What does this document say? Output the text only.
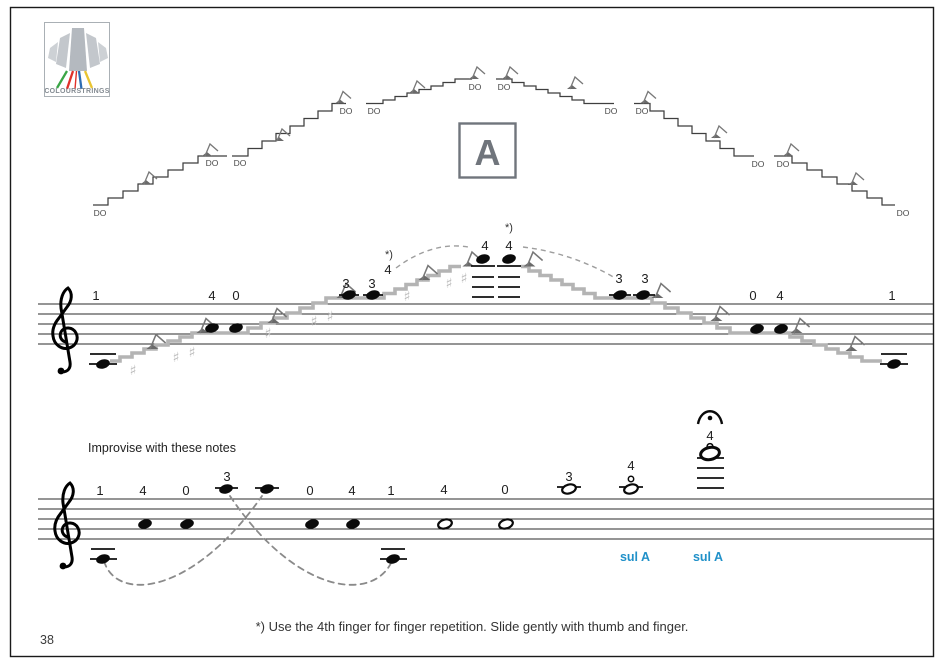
COLOURSTRINGS
DO
DO DO
DO DO
DO DO
DO DO
DO DO
DO
A
*)
4
*)
♯
♯ ♯
♯
♯ ♯
♯
♯ ♯
1	4 0
3 3
4 4
3 3
0 4	1
Improvise with these notes
1	4	0
3
0	4 1	4	0
3
4
4
sul A	sul A
*) Use the 4th finger for finger repetition. Slide gently with thumb and finger.
38
